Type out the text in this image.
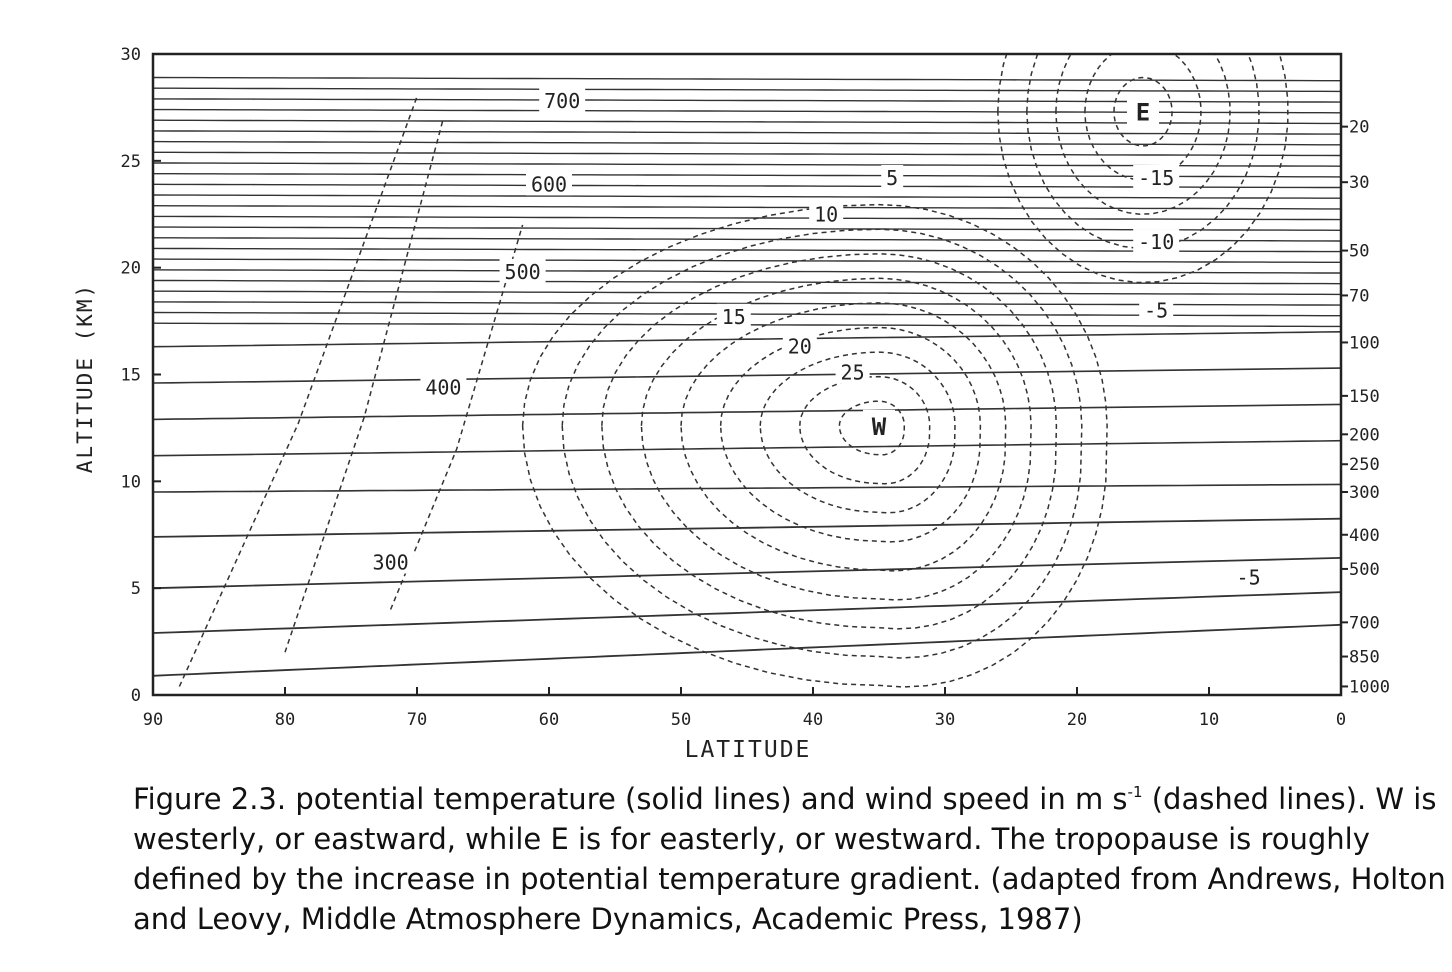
90	80	70	60	50	40	30	20	10	0
0
5
10
15
20
25
30
20
30
50
70
100
150
200
250
300
400
500
700
850
1000
300
400
500
600
700
5
10
15
20
25
-5
-10
-15
-5
W
E
LATITUDE
ALTITUDE (KM)
Figure 2.3. potential temperature (solid lines) and wind speed in m $s^{-1}$ (dashed lines). W is
westerly, or eastward, while E is for easterly, or westward. The tropopause is roughly
defined by the increase in potential temperature gradient. (adapted from Andrews, Holton
and Leovy, Middle Atmosphere Dynamics, Academic Press, 1987)
